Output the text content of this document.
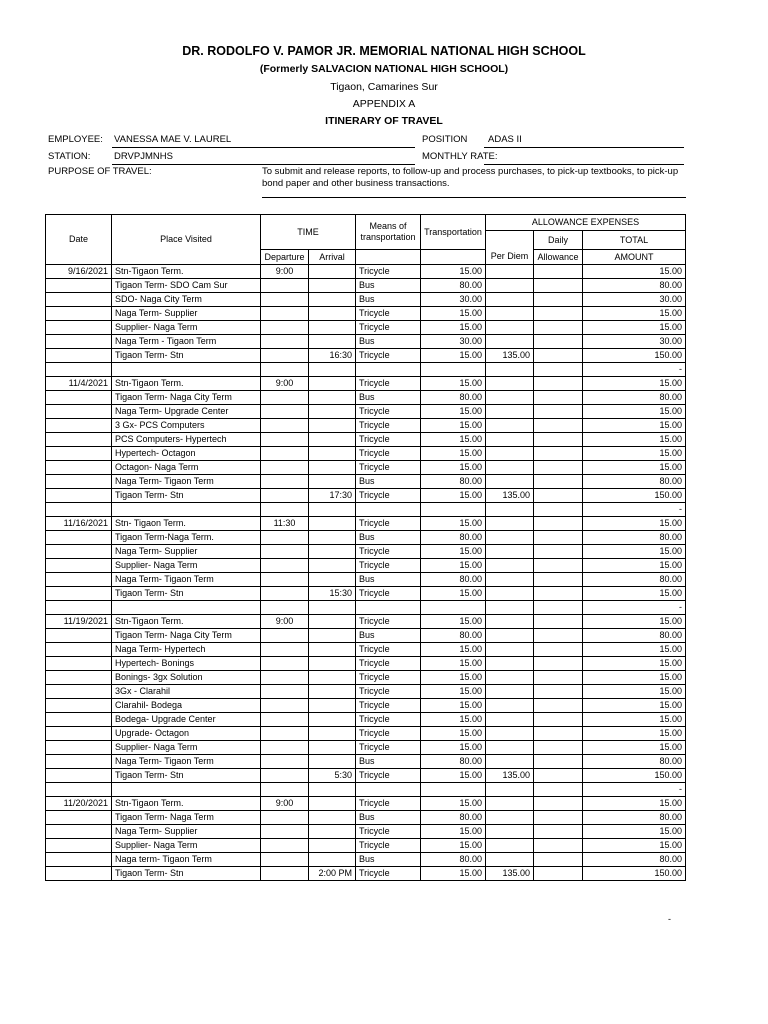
DR. RODOLFO V. PAMOR JR. MEMORIAL NATIONAL HIGH SCHOOL
(Formerly SALVACION NATIONAL HIGH SCHOOL)
Tigaon, Camarines Sur
APPENDIX A
ITINERARY OF TRAVEL
EMPLOYEE: VANESSA MAE V. LAUREL	POSITION ADAS II
STATION: DRVPJMNHS	MONTHLY RATE:
PURPOSE OF TRAVEL:	To submit and release reports, to follow-up and process purchases, to pick-up textbooks, to pick-up bond paper and other business transactions.
Date	Place Visited	TIME		Means of transportation	Transportation	ALLOWANCE EXPENSES		
							Daily	TOTAL
		Departure	Arrival			Per Diem	Allowance	AMOUNT
9/16/2021	Stn-Tigaon Term.	9:00		Tricycle	15.00			15.00
	Tigaon Term- SDO Cam Sur			Bus	80.00			80.00
	SDO- Naga City Term			Bus	30.00			30.00
	Naga Term- Supplier			Tricycle	15.00			15.00
	Supplier- Naga Term			Tricycle	15.00			15.00
	Naga Term - Tigaon Term			Bus	30.00			30.00
	Tigaon Term- Stn		16:30	Tricycle	15.00	135.00		150.00
								-
11/4/2021	Stn-Tigaon Term.	9:00		Tricycle	15.00			15.00
	Tigaon Term- Naga City Term			Bus	80.00			80.00
	Naga Term- Upgrade Center			Tricycle	15.00			15.00
	3 Gx- PCS Computers			Tricycle	15.00			15.00
	PCS Computers- Hypertech			Tricycle	15.00			15.00
	Hypertech- Octagon			Tricycle	15.00			15.00
	Octagon- Naga Term			Tricycle	15.00			15.00
	Naga Term- Tigaon Term			Bus	80.00			80.00
	Tigaon Term- Stn		17:30	Tricycle	15.00	135.00		150.00
								-
11/16/2021	Stn- Tigaon Term.	11:30		Tricycle	15.00			15.00
	Tigaon Term-Naga Term.			Bus	80.00			80.00
	Naga Term- Supplier			Tricycle	15.00			15.00
	Supplier- Naga Term			Tricycle	15.00			15.00
	Naga Term- Tigaon Term			Bus	80.00			80.00
	Tigaon Term- Stn		15:30	Tricycle	15.00			15.00
								-
11/19/2021	Stn-Tigaon Term.	9:00		Tricycle	15.00			15.00
	Tigaon Term- Naga City Term			Bus	80.00			80.00
	Naga Term- Hypertech			Tricycle	15.00			15.00
	Hypertech- Bonings			Tricycle	15.00			15.00
	Bonings- 3gx Solution			Tricycle	15.00			15.00
	3Gx - Clarahil			Tricycle	15.00			15.00
	Clarahil- Bodega			Tricycle	15.00			15.00
	Bodega- Upgrade Center			Tricycle	15.00			15.00
	Upgrade- Octagon			Tricycle	15.00			15.00
	Supplier- Naga Term			Tricycle	15.00			15.00
	Naga Term- Tigaon Term			Bus	80.00			80.00
	Tigaon Term- Stn		5:30	Tricycle	15.00	135.00		150.00
								-
11/20/2021	Stn-Tigaon Term.	9:00		Tricycle	15.00			15.00
	Tigaon Term- Naga Term			Bus	80.00			80.00
	Naga Term- Supplier			Tricycle	15.00			15.00
	Supplier- Naga Term			Tricycle	15.00			15.00
	Naga term- Tigaon Term			Bus	80.00			80.00
	Tigaon Term- Stn		2:00 PM	Tricycle	15.00	135.00		150.00
-
